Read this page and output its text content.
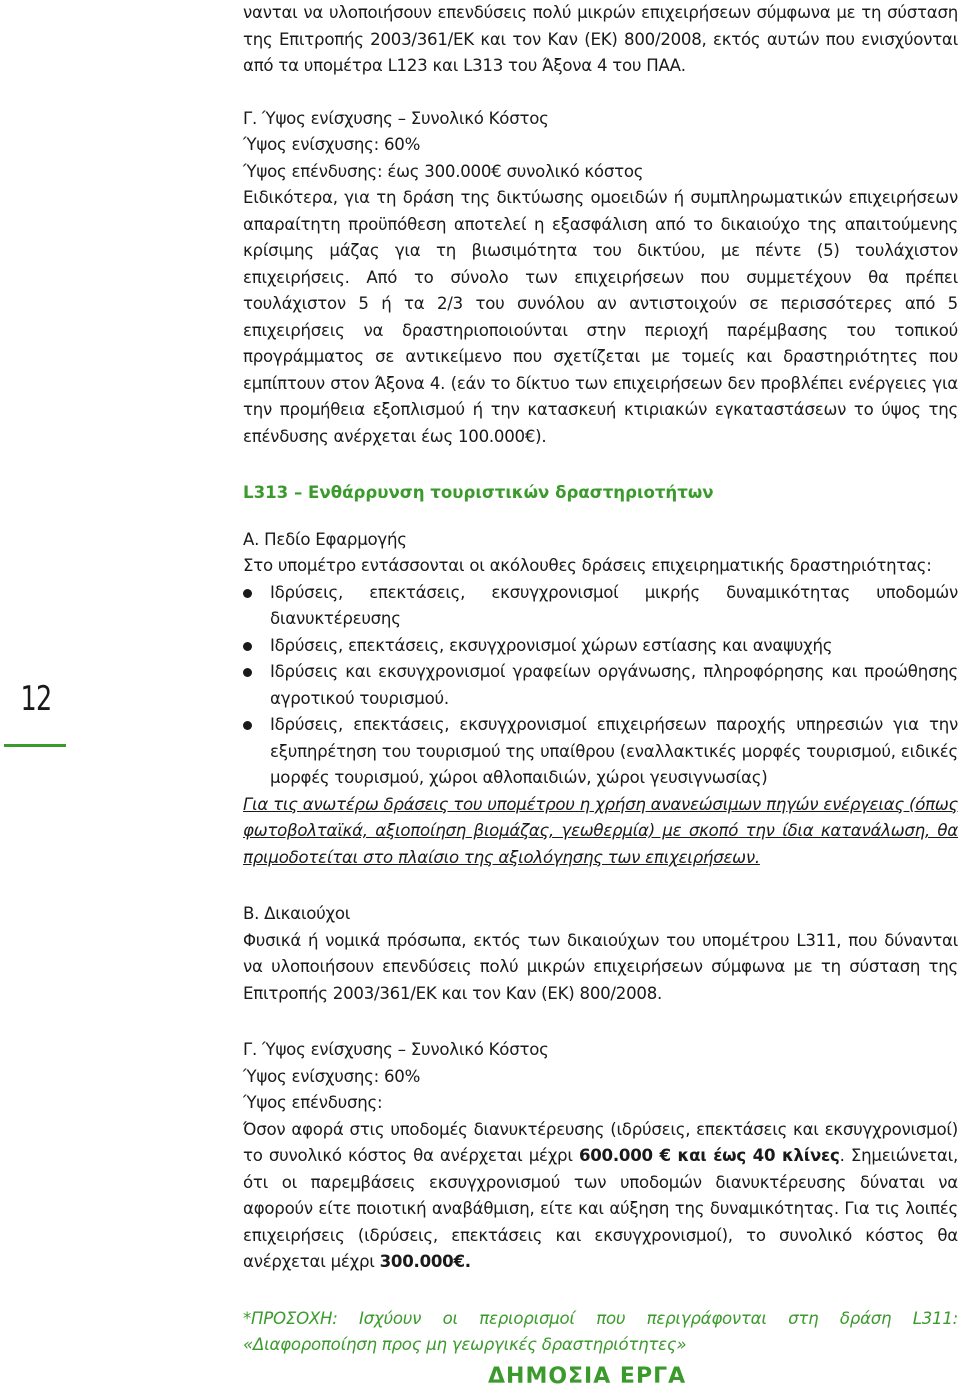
12

νανται να υλοποιήσουν επενδύσεις πολύ μικρών επιχειρήσεων σύμφωνα με τη σύσταση της Επιτροπής 2003/361/ΕΚ και τον Καν (ΕΚ) 800/2008, εκτός αυτών που ενισχύονται από τα υπομέτρα L123 και L313 του Άξονα 4 του ΠΑΑ.

Γ. Ύψος ενίσχυσης – Συνολικό Κόστος

Ύψος ενίσχυσης: 60%

Ύψος επένδυσης: έως 300.000€ συνολικό κόστος

Ειδικότερα, για τη δράση της δικτύωσης ομοειδών ή συμπληρωματικών επιχειρήσεων απαραίτητη προϋπόθεση αποτελεί η εξασφάλιση από το δικαιούχο της απαιτούμενης κρίσιμης μάζας για τη βιωσιμότητα του δικτύου, με πέντε (5) τουλάχιστον επιχειρήσεις. Από το σύνολο των επιχειρήσεων που συμμετέχουν θα πρέπει τουλάχιστον 5 ή τα 2/3 του συνόλου αν αντιστοιχούν σε περισσότερες από 5 επιχειρήσεις να δραστηριοποιούνται στην περιοχή παρέμβασης του τοπικού προγράμματος σε αντικείμενο που σχετίζεται με τομείς και δραστηριότητες που εμπίπτουν στον Άξονα 4. (εάν το δίκτυο των επιχειρήσεων δεν προβλέπει ενέργειες για την προμήθεια εξοπλισμού ή την κατασκευή κτιριακών εγκαταστάσεων το ύψος της επένδυσης ανέρχεται έως 100.000€).

L313 – Ενθάρρυνση τουριστικών δραστηριοτήτων

Α. Πεδίο Εφαρμογής

Στο υπομέτρο εντάσσονται οι ακόλουθες δράσεις επιχειρηματικής δραστηριότητας:

Ιδρύσεις, επεκτάσεις, εκσυγχρονισμοί μικρής δυναμικότητας υποδομών διανυκτέρευσης
Ιδρύσεις, επεκτάσεις, εκσυγχρονισμοί χώρων εστίασης και αναψυχής
Ιδρύσεις και εκσυγχρονισμοί γραφείων οργάνωσης, πληροφόρησης και προώθησης αγροτικού τουρισμού.
Ιδρύσεις, επεκτάσεις, εκσυγχρονισμοί επιχειρήσεων παροχής υπηρεσιών για την εξυπηρέτηση του τουρισμού της υπαίθρου (εναλλακτικές μορφές τουρισμού, ειδικές μορφές τουρισμού, χώροι αθλοπαιδιών, χώροι γευσιγνωσίας)

Για τις ανωτέρω δράσεις του υπομέτρου η χρήση ανανεώσιμων πηγών ενέργειας (όπως φωτοβολταϊκά, αξιοποίηση βιομάζας, γεωθερμία) με σκοπό την ίδια κατανάλωση, θα πριμοδοτείται στο πλαίσιο της αξιολόγησης των επιχειρήσεων.

Β. Δικαιούχοι

Φυσικά ή νομικά πρόσωπα, εκτός των δικαιούχων του υπομέτρου L311, που δύνανται να υλοποιήσουν επενδύσεις πολύ μικρών επιχειρήσεων σύμφωνα με τη σύσταση της Επιτροπής 2003/361/ΕΚ και τον Καν (ΕΚ) 800/2008.

Γ. Ύψος ενίσχυσης – Συνολικό Κόστος

Ύψος ενίσχυσης: 60%

Ύψος επένδυσης:

Όσον αφορά στις υποδομές διανυκτέρευσης (ιδρύσεις, επεκτάσεις και εκσυγχρονισμοί) το συνολικό κόστος θα ανέρχεται μέχρι 600.000 € και έως 40 κλίνες. Σημειώνεται, ότι οι παρεμβάσεις εκσυγχρονισμού των υποδομών διανυκτέρευσης δύναται να αφορούν είτε ποιοτική αναβάθμιση, είτε και αύξηση της δυναμικότητας. Για τις λοιπές επιχειρήσεις (ιδρύσεις, επεκτάσεις και εκσυγχρονισμοί), το συνολικό κόστος θα ανέρχεται μέχρι 300.000€.

*ΠΡΟΣΟΧΗ: Ισχύουν οι περιορισμοί που περιγράφονται στη δράση L311: «Διαφοροποίηση προς μη γεωργικές δραστηριότητες»

ΔΗΜΟΣΙΑ ΕΡΓΑ
